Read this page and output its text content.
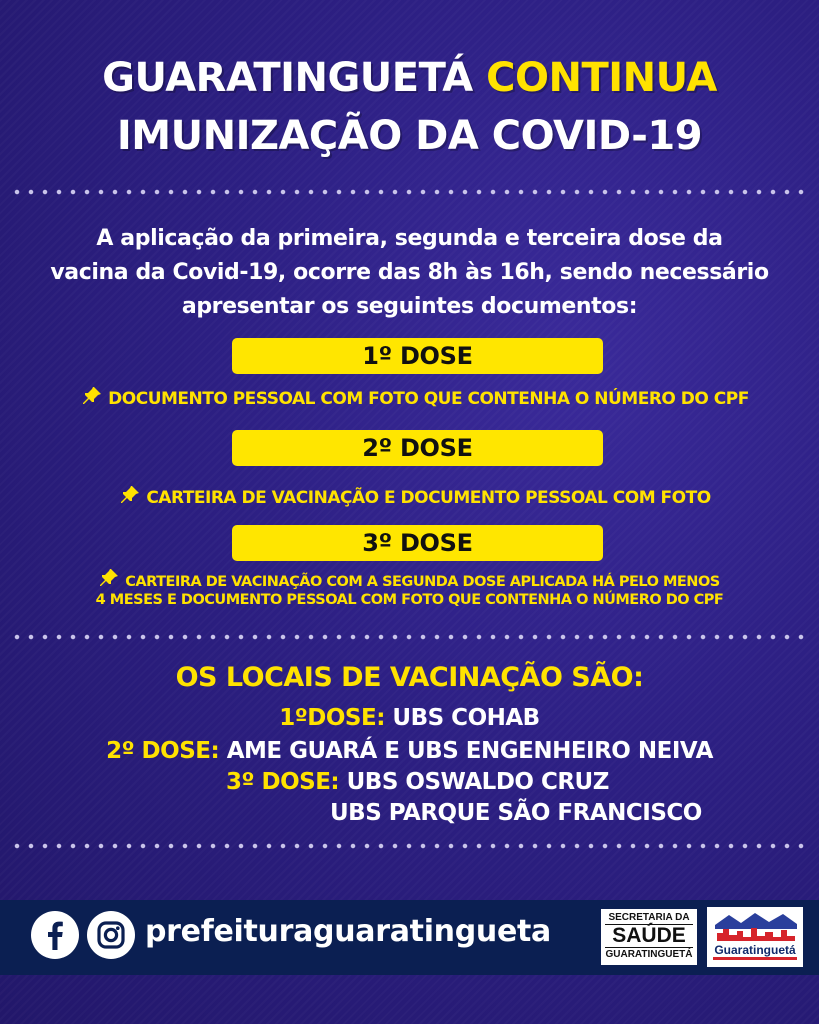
GUARATINGUETÁ CONTINUA
IMUNIZAÇÃO DA COVID-19
A aplicação da primeira, segunda e terceira dose da
vacina da Covid-19, ocorre das 8h às 16h, sendo necessário
apresentar os seguintes documentos:
1º DOSE
DOCUMENTO PESSOAL COM FOTO QUE CONTENHA O NÚMERO DO CPF
2º DOSE
CARTEIRA DE VACINAÇÃO E DOCUMENTO PESSOAL COM FOTO
3º DOSE
CARTEIRA DE VACINAÇÃO COM A SEGUNDA DOSE APLICADA HÁ PELO MENOS
4 MESES E DOCUMENTO PESSOAL COM FOTO QUE CONTENHA O NÚMERO DO CPF
OS LOCAIS DE VACINAÇÃO SÃO:
1ºDOSE: UBS COHAB
2º DOSE: AME GUARÁ E UBS ENGENHEIRO NEIVA
3º DOSE: UBS OSWALDO CRUZ
UBS PARQUE SÃO FRANCISCO
prefeituraguaratingueta	SECRETARIA DA
SAÚDE
GUARATINGUETÁ	Guaratinguetá
